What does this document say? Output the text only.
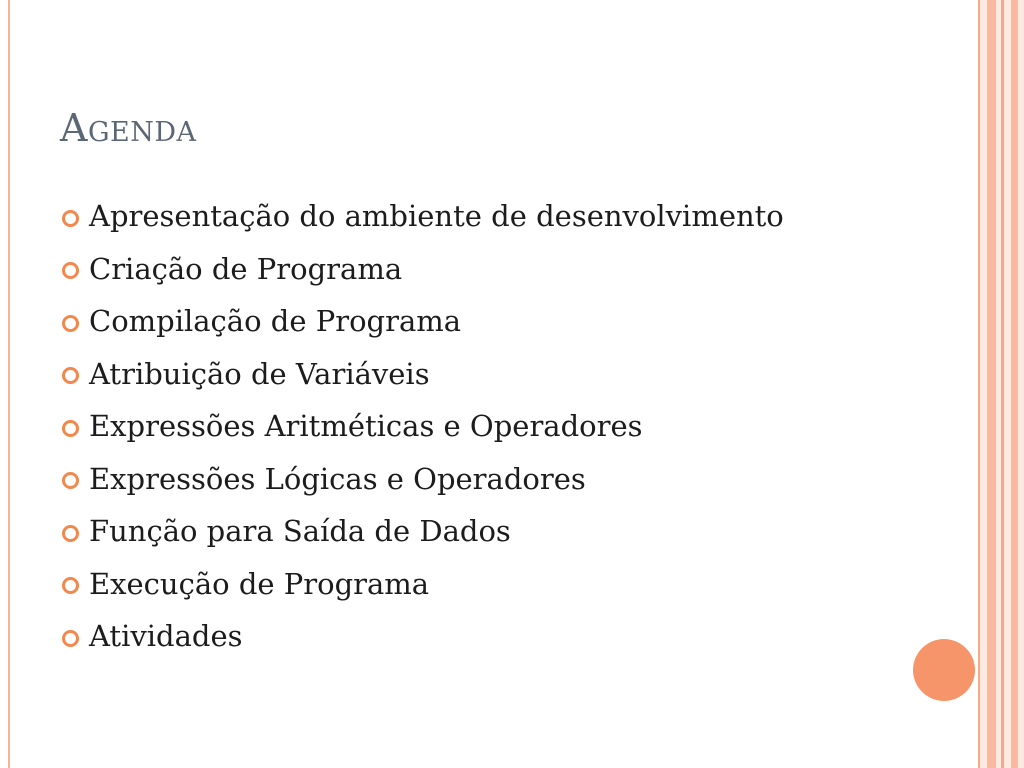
Agenda
Apresentação do ambiente de desenvolvimento
Criação de Programa
Compilação de Programa
Atribuição de Variáveis
Expressões Aritméticas e Operadores
Expressões Lógicas e Operadores
Função para Saída de Dados
Execução de Programa
Atividades
